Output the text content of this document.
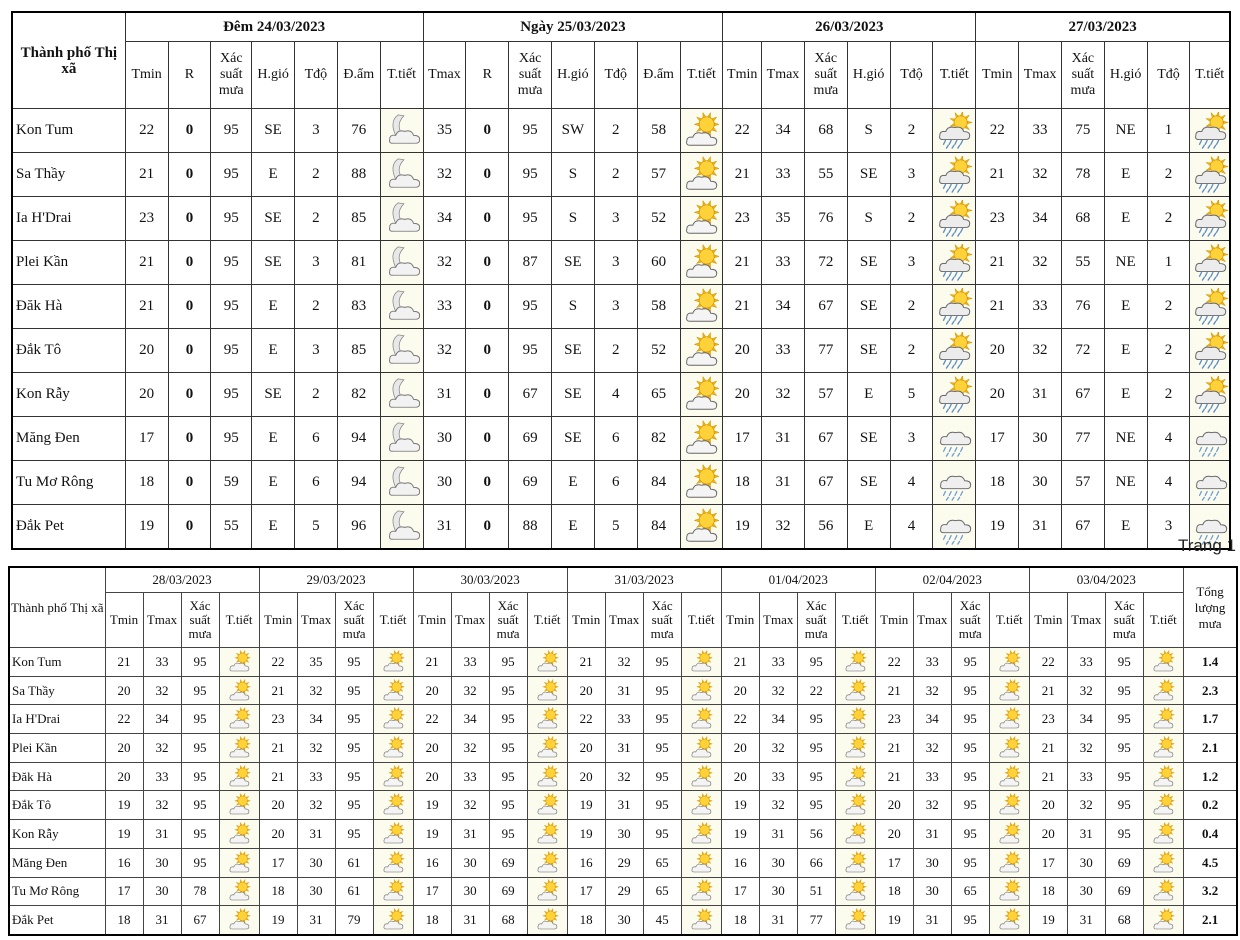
Thành phố Thị xã	Đêm 24/03/2023							Ngày 25/03/2023							26/03/2023						27/03/2023					
	Tmin	R	Xác suất mưa	H.gió	Tđộ	Đ.ẩm	T.tiết	Tmax	R	Xác suất mưa	H.gió	Tđộ	Đ.ẩm	T.tiết	Tmin	Tmax	Xác suất mưa	H.gió	Tđộ	T.tiết	Tmin	Tmax	Xác suất mưa	H.gió	Tđộ	T.tiết
Kon Tum	22	0	95	SE	3	76		35	0	95	SW	2	58		22	34	68	S	2		22	33	75	NE	1	

Sa Thầy	21	0	95	E	2	88		32	0	95	S	2	57		21	33	55	SE	3		21	32	78	E	2	

Ia H'Drai	23	0	95	SE	2	85		34	0	95	S	3	52		23	35	76	S	2		23	34	68	E	2	

Plei Kần	21	0	95	SE	3	81		32	0	87	SE	3	60		21	33	72	SE	3		21	32	55	NE	1	

Đăk Hà	21	0	95	E	2	83		33	0	95	S	3	58		21	34	67	SE	2		21	33	76	E	2	

Đắk Tô	20	0	95	E	3	85		32	0	95	SE	2	52		20	33	77	SE	2		20	32	72	E	2	

Kon Rẫy	20	0	95	SE	2	82		31	0	67	SE	4	65		20	32	57	E	5		20	31	67	E	2	

Măng Đen	17	0	95	E	6	94		30	0	69	SE	6	82		17	31	67	SE	3		17	30	77	NE	4	

Tu Mơ Rông	18	0	59	E	6	94		30	0	69	E	6	84		18	31	67	SE	4		18	30	57	NE	4	

Đắk Pet	19	0	55	E	5	96		31	0	88	E	5	84		19	32	56	E	4		19	31	67	E	3	
Trang 1
Thành phố Thị xã	28/03/2023				29/03/2023				30/03/2023				31/03/2023				01/04/2023				02/04/2023				03/04/2023				Tổng lượng mưa
	Tmin	Tmax	Xác suất mưa	T.tiết	Tmin	Tmax	Xác suất mưa	T.tiết	Tmin	Tmax	Xác suất mưa	T.tiết	Tmin	Tmax	Xác suất mưa	T.tiết	Tmin	Tmax	Xác suất mưa	T.tiết	Tmin	Tmax	Xác suất mưa	T.tiết	Tmin	Tmax	Xác suất mưa	T.tiết	
Kon Tum	21	33	95		22	35	95		21	33	95		21	32	95		21	33	95		22	33	95		22	33	95		1.4
Sa Thầy	20	32	95		21	32	95		20	32	95		20	31	95		20	32	22		21	32	95		21	32	95		2.3
Ia H'Drai	22	34	95		23	34	95		22	34	95		22	33	95		22	34	95		23	34	95		23	34	95		1.7
Plei Kần	20	32	95		21	32	95		20	32	95		20	31	95		20	32	95		21	32	95		21	32	95		2.1
Đăk Hà	20	33	95		21	33	95		20	33	95		20	32	95		20	33	95		21	33	95		21	33	95		1.2
Đắk Tô	19	32	95		20	32	95		19	32	95		19	31	95		19	32	95		20	32	95		20	32	95		0.2
Kon Rẫy	19	31	95		20	31	95		19	31	95		19	30	95		19	31	56		20	31	95		20	31	95		0.4
Măng Đen	16	30	95		17	30	61		16	30	69		16	29	65		16	30	66		17	30	95		17	30	69		4.5
Tu Mơ Rông	17	30	78		18	30	61		17	30	69		17	29	65		17	30	51		18	30	65		18	30	69		3.2
Đắk Pet	18	31	67		19	31	79		18	31	68		18	30	45		18	31	77		19	31	95		19	31	68		2.1
